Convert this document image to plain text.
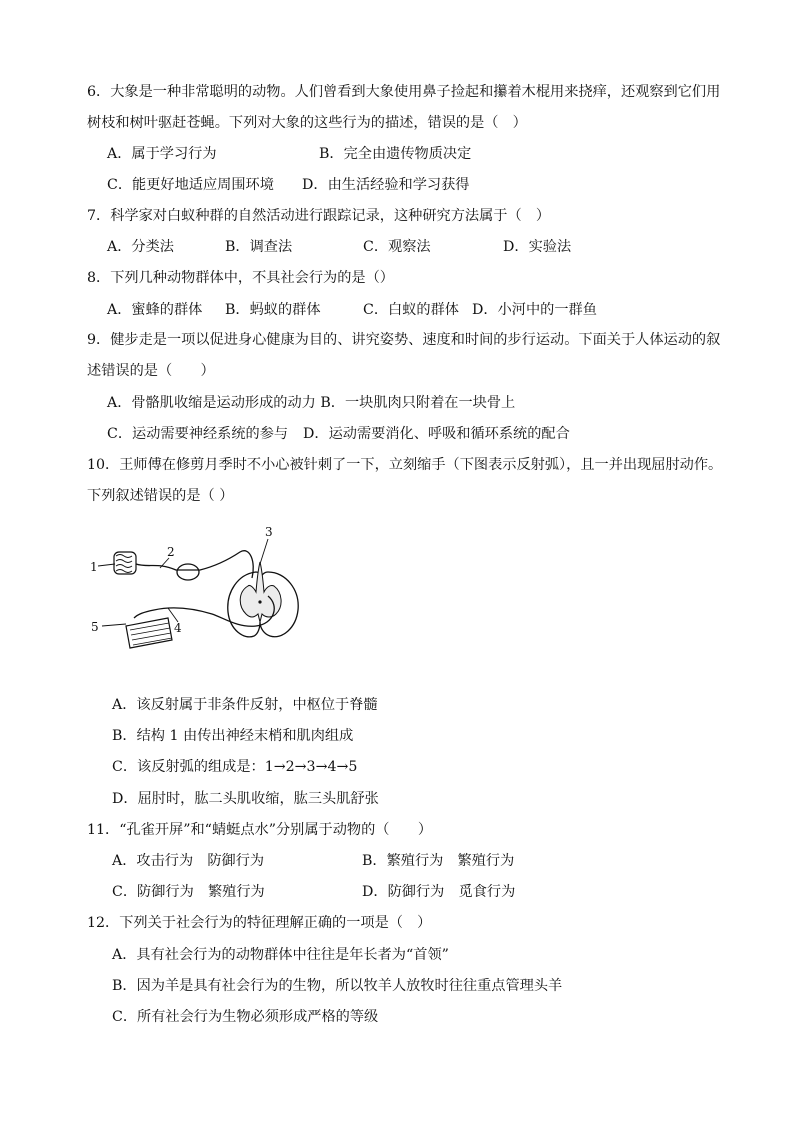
6．大象是一种非常聪明的动物。人们曾看到大象使用鼻子捡起和攥着木棍用来挠痒，还观察到它们用
树枝和树叶驱赶苍蝇。下列对大象的这些行为的描述，错误的是（　）
A．属于学习行为	B．完全由遗传物质决定
C．能更好地适应周围环境 D．由生活经验和学习获得
7．科学家对白蚁种群的自然活动进行跟踪记录，这种研究方法属于（　）
A．分类法	B．调查法	C．观察法	D．实验法
8．下列几种动物群体中，不具社会行为的是（）
A．蜜蜂的群体 B．蚂蚁的群体	C．白蚁的群体 D．小河中的一群鱼
9．健步走是一项以促进身心健康为目的、讲究姿势、速度和时间的步行运动。下面关于人体运动的叙
述错误的是（　　）
A．骨骼肌收缩是运动形成的动力 B．一块肌肉只附着在一块骨上
C．运动需要神经系统的参与 D．运动需要消化、呼吸和循环系统的配合
10．王师傅在修剪月季时不小心被针刺了一下，立刻缩手（下图表示反射弧），且一并出现屈肘动作。
下列叙述错误的是（ ）
1
2
3
4
5
A．该反射属于非条件反射，中枢位于脊髓
B．结构 1 由传出神经末梢和肌肉组成
C．该反射弧的组成是：1→2→3→4→5
D．屈肘时，肱二头肌收缩，肱三头肌舒张
11．“孔雀开屏”和“蜻蜓点水”分别属于动物的（　　）
A．攻击行为　防御行为	B．繁殖行为　繁殖行为
C．防御行为　繁殖行为	D．防御行为　觅食行为
12．下列关于社会行为的特征理解正确的一项是（　）
A．具有社会行为的动物群体中往往是年长者为“首领”
B．因为羊是具有社会行为的生物，所以牧羊人放牧时往往重点管理头羊
C．所有社会行为生物必须形成严格的等级
